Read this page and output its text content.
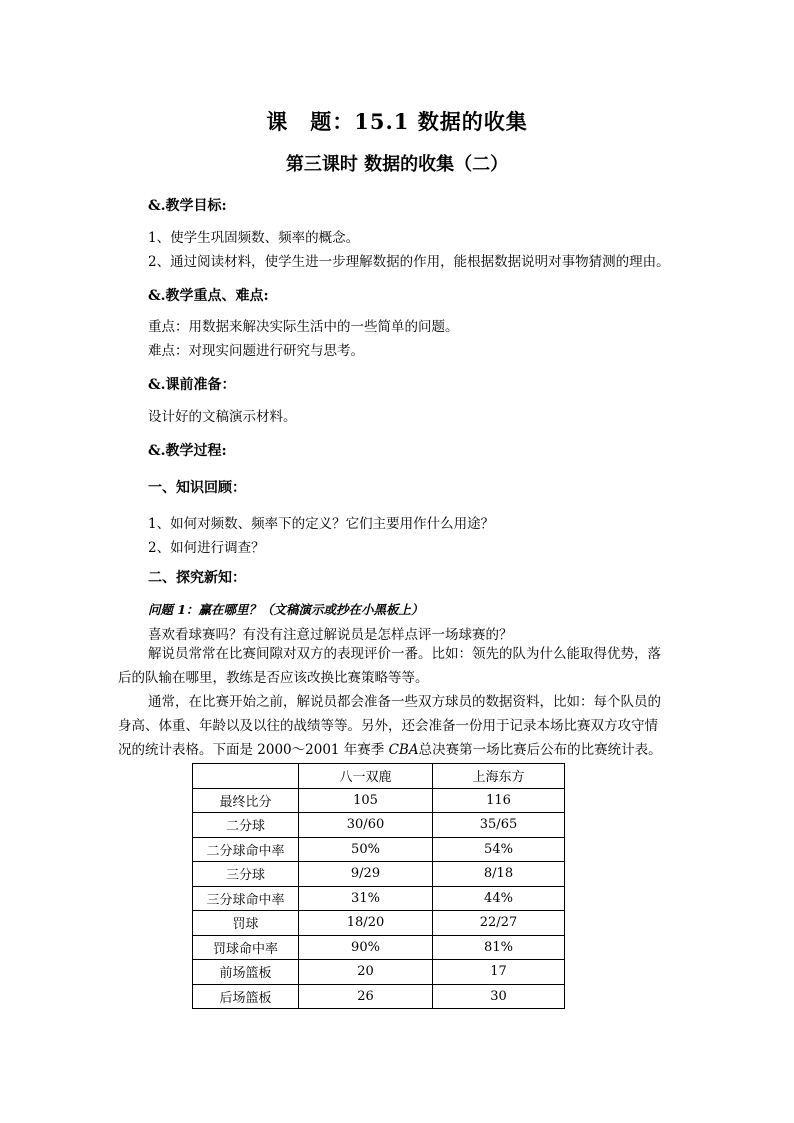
课　题：15.1 数据的收集
第三课时 数据的收集（二）
&.教学目标:
1、使学生巩固频数、频率的概念。
2、通过阅读材料，使学生进一步理解数据的作用，能根据数据说明对事物猜测的理由。
&.教学重点、难点:
重点：用数据来解决实际生活中的一些简单的问题。
难点：对现实问题进行研究与思考。
&.课前准备：
设计好的文稿演示材料。
&.教学过程:
一、知识回顾：
1、如何对频数、频率下的定义？它们主要用作什么用途？
2、如何进行调查？
二、探究新知：
问题 1：赢在哪里？（文稿演示或抄在小黑板上）
喜欢看球赛吗？有没有注意过解说员是怎样点评一场球赛的？
解说员常常在比赛间隙对双方的表现评价一番。比如：领先的队为什么能取得优势，落后的队输在哪里，教练是否应该改换比赛策略等等。
通常，在比赛开始之前，解说员都会准备一些双方球员的数据资料，比如：每个队员的身高、体重、年龄以及以往的战绩等等。另外，还会准备一份用于记录本场比赛双方攻守情况的统计表格。下面是 2000～2001 年赛季 CBA总决赛第一场比赛后公布的比赛统计表。
	八一双鹿	上海东方
最终比分	105	116
二分球	30/60	35/65
二分球命中率	50%	54%
三分球	9/29	8/18
三分球命中率	31%	44%
罚球	18/20	22/27
罚球命中率	90%	81%
前场篮板	20	17
后场篮板	26	30
